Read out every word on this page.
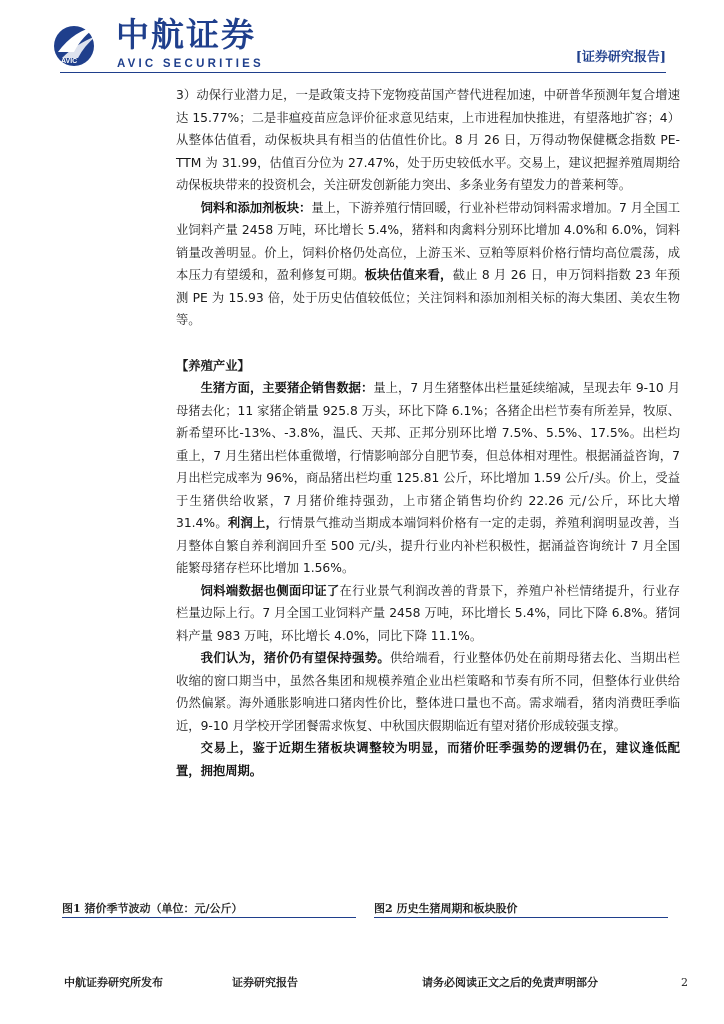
AVIC
中航证券
AVIC SECURITIES	[证券研究报告]

3）动保行业潜力足，一是政策支持下宠物疫苗国产替代进程加速，中研普华预测年复合增速达 15.77%；二是非瘟疫苗应急评价征求意见结束，上市进程加快推进，有望落地扩容；4）从整体估值看，动保板块具有相当的估值性价比。8 月 26 日，万得动物保健概念指数 PE-TTM 为 31.99，估值百分位为 27.47%，处于历史较低水平。交易上，建议把握养殖周期给动保板块带来的投资机会，关注研发创新能力突出、多条业务有望发力的普莱柯等。

饲料和添加剂板块：量上，下游养殖行情回暖，行业补栏带动饲料需求增加。7 月全国工业饲料产量 2458 万吨，环比增长 5.4%，猪料和肉禽料分别环比增加 4.0%和 6.0%，饲料销量改善明显。价上，饲料价格仍处高位，上游玉米、豆粕等原料价格行情均高位震荡，成本压力有望缓和，盈利修复可期。板块估值来看，截止 8 月 26 日，申万饲料指数 23 年预测 PE 为 15.93 倍，处于历史估值较低位；关注饲料和添加剂相关标的海大集团、美农生物等。

【养殖产业】

生猪方面，主要猪企销售数据：量上，7 月生猪整体出栏量延续缩减，呈现去年 9-10 月母猪去化；11 家猪企销量 925.8 万头，环比下降 6.1%；各猪企出栏节奏有所差异，牧原、新希望环比-13%、-3.8%，温氏、天邦、正邦分别环比增 7.5%、5.5%、17.5%。出栏均重上，7 月生猪出栏体重微增，行情影响部分自肥节奏，但总体相对理性。根据涌益咨询，7 月出栏完成率为 96%，商品猪出栏均重 125.81 公斤，环比增加 1.59 公斤/头。价上，受益于生猪供给收紧，7 月猪价维持强劲，上市猪企销售均价约 22.26 元/公斤，环比大增 31.4%。利润上，行情景气推动当期成本端饲料价格有一定的走弱，养殖利润明显改善，当月整体自繁自养利润回升至 500 元/头，提升行业内补栏积极性，据涌益咨询统计 7 月全国能繁母猪存栏环比增加 1.56%。

饲料端数据也侧面印证了在行业景气利润改善的背景下，养殖户补栏情绪提升，行业存栏量边际上行。7 月全国工业饲料产量 2458 万吨，环比增长 5.4%，同比下降 6.8%。猪饲料产量 983 万吨，环比增长 4.0%，同比下降 11.1%。

我们认为，猪价仍有望保持强势。供给端看，行业整体仍处在前期母猪去化、当期出栏收缩的窗口期当中，虽然各集团和规模养殖企业出栏策略和节奏有所不同，但整体行业供给仍然偏紧。海外通胀影响进口猪肉性价比，整体进口量也不高。需求端看，猪肉消费旺季临近，9-10 月学校开学团餐需求恢复、中秋国庆假期临近有望对猪价形成较强支撑。

交易上，鉴于近期生猪板块调整较为明显，而猪价旺季强势的逻辑仍在，建议逢低配置，拥抱周期。

图1 猪价季节波动（单位：元/公斤）	图2 历史生猪周期和板块股价
中航证券研究所发布	证券研究报告	请务必阅读正文之后的免责声明部分	2
